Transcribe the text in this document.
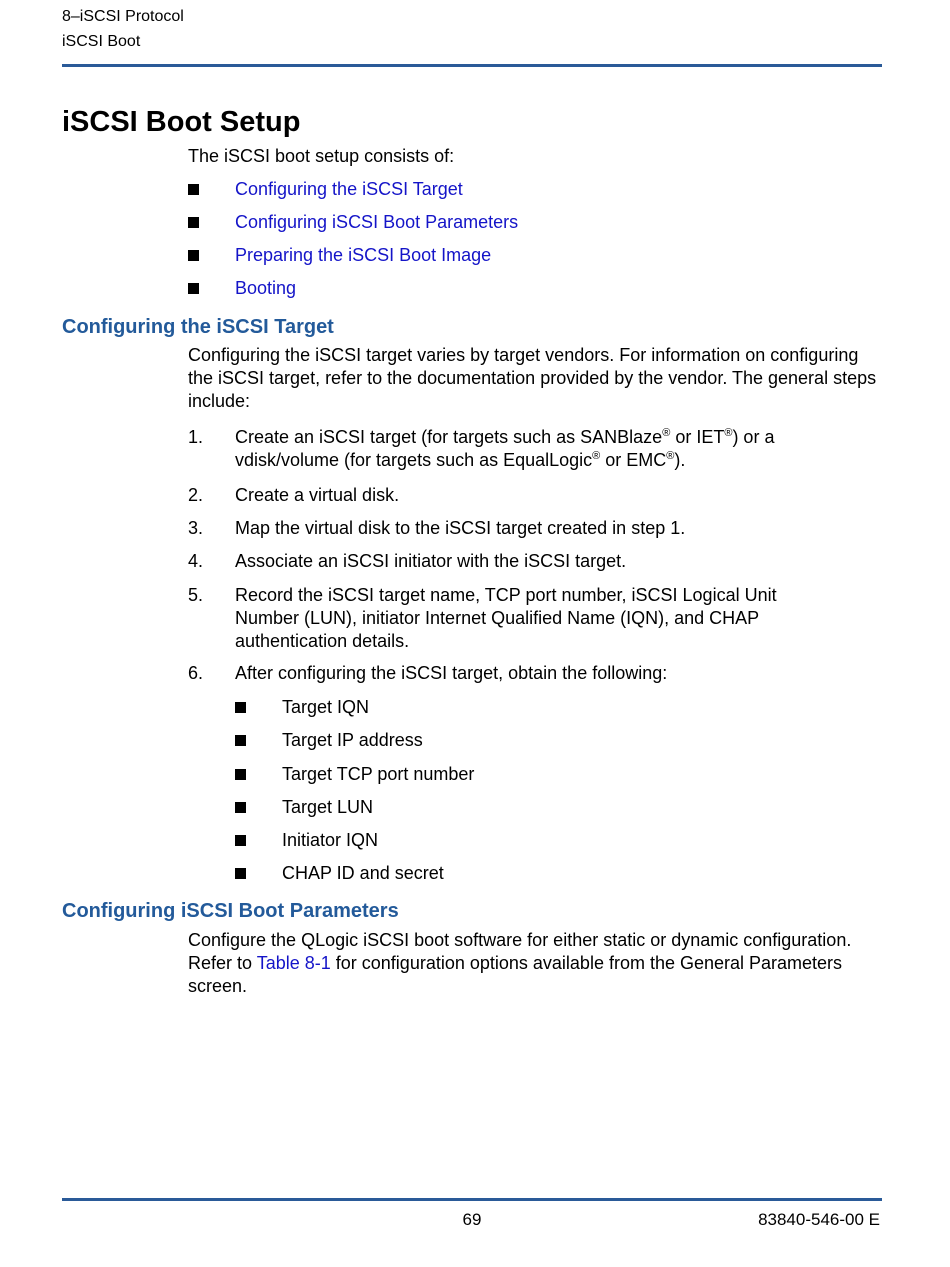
8–iSCSI Protocol
iSCSI Boot
iSCSI Boot Setup

The iSCSI boot setup consists of:

Configuring the iSCSI Target
Configuring iSCSI Boot Parameters
Preparing the iSCSI Boot Image
Booting
Configuring the iSCSI Target

Configuring the iSCSI target varies by target vendors. For information on configuring the iSCSI target, refer to the documentation provided by the vendor. The general steps include:

1. Create an iSCSI target (for targets such as SANBlaze® or IET®) or a vdisk/volume (for targets such as EqualLogic® or EMC®).
2. Create a virtual disk.
3. Map the virtual disk to the iSCSI target created in step 1.
4. Associate an iSCSI initiator with the iSCSI target.
5. Record the iSCSI target name, TCP port number, iSCSI Logical Unit Number (LUN), initiator Internet Qualified Name (IQN), and CHAP authentication details.
6. After configuring the iSCSI target, obtain the following:
Target IQN
Target IP address
Target TCP port number
Target LUN
Initiator IQN
CHAP ID and secret
Configuring iSCSI Boot Parameters

Configure the QLogic iSCSI boot software for either static or dynamic configuration. Refer to Table 8-1 for configuration options available from the General Parameters screen.

69	83840-546-00 E
